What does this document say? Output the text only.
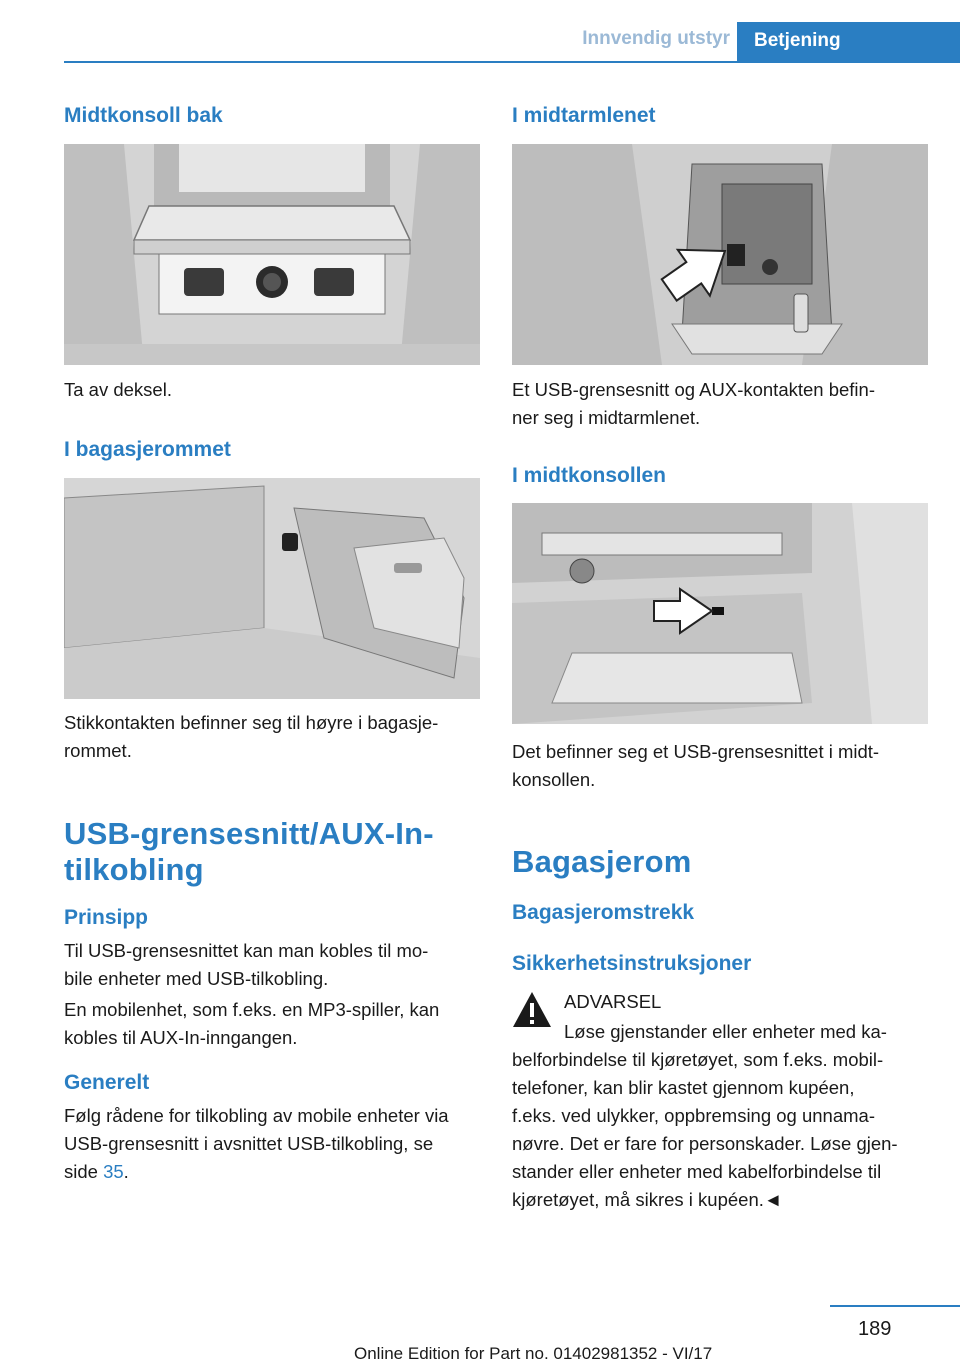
Innvendig utstyr	Betjening
Midtkonsoll bak
Ta av deksel.
I bagasjerommet
Stikkontakten befinner seg til høyre i bagasje-
rommet.
USB-grensesnitt/AUX-In-
tilkobling
Prinsipp
Til USB-grensesnittet kan man kobles til mo-
bile enheter med USB-tilkobling.
En mobilenhet, som f.eks. en MP3-spiller, kan
kobles til AUX-In-inngangen.
Generelt
Følg rådene for tilkobling av mobile enheter via
USB-grensesnitt i avsnittet USB-tilkobling, se
side 35.
I midtarmlenet
Et USB-grensesnitt og AUX-kontakten befin-
ner seg i midtarmlenet.
I midtkonsollen
Det befinner seg et USB-grensesnittet i midt-
konsollen.
Bagasjerom
Bagasjeromstrekk
Sikkerhetsinstruksjoner
ADVARSEL
Løse gjenstander eller enheter med ka-
belforbindelse til kjøretøyet, som f.eks. mobil-
telefoner, kan blir kastet gjennom kupéen,
f.eks. ved ulykker, oppbremsing og unnama-
nøvre. Det er fare for personskader. Løse gjen-
stander eller enheter med kabelforbindelse til
kjøretøyet, må sikres i kupéen.◄
189
Online Edition for Part no. 01402981352 - VI/17
